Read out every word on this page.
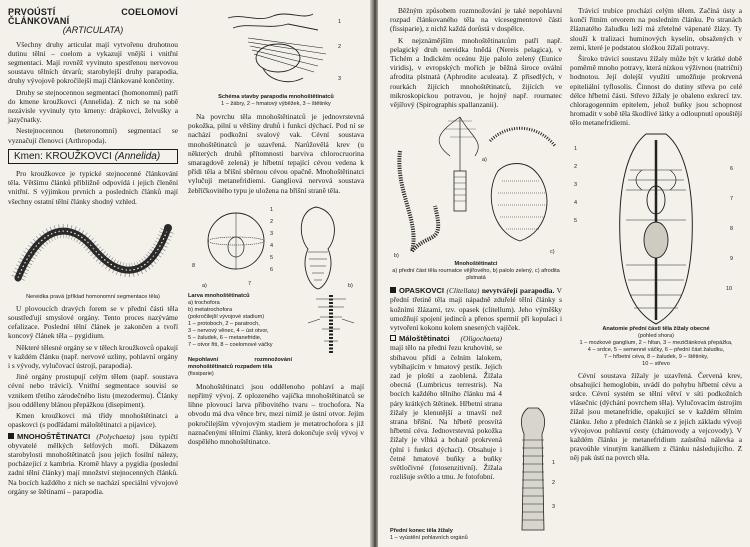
PRVOÚSTÍ COELOMOVÍ ČLÁNKOVANÍ
(ARTICULATA)

Všechny druhy articulat mají vytvořenu druhotnou dutinu tělní – coelom a vykazují vnější i vnitřní segmentaci. Mají rovněž vyvinuto spestřenou nervovou soustavu tělních útvarů; starobylejší druhy parapodia, druhy vývojově pokročilejší mají článkované končetiny.

Druhy se stejnocennou segmentací (homonomní) patří do kmene kroužkovci (Annelida). Z nich se na sobě nezávisle vyvinuly tyto kmeny: drápkovci, želvušky a jazyčnatky.

Nestejnocennou (heteronomní) segmentací se vyznačují členovci (Arthropoda).

Kmen: KROUŽKOVCI (Annelida)

Pro kroužkovce je typické stejnocenné článkování těla. Většímu článků přibližně odpovídá i jejich členění vnitřní. S výjimkou prvních a posledních článků mají všechny ostatní tělní články shodný vzhled.

Nereidka pravá (příklad homonomní segmentace těla)

U plovoucích dravých forem se v přední části těla soustřeďují smyslové orgány. Tento proces nazýváme cefalizace. Poslední tělní článek je zakončen a tvoří koncový článek těla – pygidium.

Některé tělesné orgány se v tělech kroužkovců opakují v každém článku (např. nervové uzliny, pohlavní orgány i s vývody, vylučovací ústrojí, parapodia).

Jiné orgány prostupují celým tělem (např. soustava cévní nebo trávicí). Vnitřní segmentace souvisí se vznikem třetího zárodečného listu (mezodermu). Články jsou odděleny blánou přepážkou (disepiment).

Kmen kroužkovci má třídy mnohoštětinatci a opaskovci (s podřádami máloštětinatci a pijavice).

MNOHOŠTĚTINATCI (Polychaeta) jsou typičtí obyvatelé mělkých šelfových moří. Důkazem starobylosti mnohoštětinatců jsou jejich fosilní nálezy, pocházející z kambria. Kromě hlavy a pygidia (poslední zadní tělní články) mají množství stejnocenných článků. Na bocích každého z nich se nachází speciální vývojové orgány se štětinami – parapodia.

1
2
3
Schéma stavby parapodia mnohoštětinatců
1 – žábry, 2 – hmatový výběžek, 3 – štětinky

Na povrchu těla mnohoštětinatců je jednovrstevná pokožka, pilní u většiny druhů i funkci dýchací. Pod ní se nachází podkožní svalový vak. Cévní soustava mnohoštětinatců je uzavřená. Narůžovělá krev (u některých druhů přítomnosti barviva chlorocruorina smaragdově zelená) je hřbetní tepající cévou vedena k přídi těla a břišní sběrnou cévou opačně. Mnohoštětinatci vylučují metanefridiemi. Gangliová nervová soustava žebříčkovitého typu je uložena na břišní straně těla.

a)	b)
1
2
3
4
5
6
7
8
Larva mnohoštětinatců
a) trochofora
b) metatrochofora
(pokročilejší vývojové stadium)
1 – protoboch, 2 – paratroch,
3 – nervový věnec, 4 – úst otvor,
5 – žaludek, 6 – metanefridie,
7 – otvor řiti, 8 – coelomové váčky
Nepohlavní rozmnožování mnohoštětinatců rozpadem těla
(fissiparie)

Mnohoštětinatci jsou oddělenoho pohlaví a mají nepřímý vývoj. Z oplozeného vajíčka mnohoštětinatců se líhne plovoucí larva příbovitého tvaru – trochofora. Na obvodu má dva věnce brv, mezi nimiž je ústní otvor. Jejím pokročilejším vývojovým stadiem je metatrochofora s již naznačenými tělními články, která dokončuje svůj vývoj v dospělého mnohoštětinatce.

Běžným způsobem rozmnožování je také nepohlavní rozpad článkovaného těla na vícesegmentové části (fissiparie), z nichž každá dorůstá v dospělce.

K nejznámějším mnohoštětinatcům patří např. pelagický druh nereidka hnědá (Nereis pelagica), v Tichém a Indickém oceánu žije palolo zelený (Eunice viridis), v evropských mořích je běžná široce ovální afrodita plstnatá (Aphrodite aculeata). Z přisedlých, v rourkách žijících mnohoštětinatců, žijících ve mikroskopickou potravou, je hojný např. rournatec vějířový (Spirographis spallanzanii).

a)
b)
c)
Mnohoštětinatci
a) přední část těla rournatce vějířového, b) palolo zelený, c) afrodita plstnatá

OPASKOVCI (Clitellata) nevytvářejí parapodia. V přední třetině těla mají nápadně zduřelé tělní články s kožními žlázami, tzv. opasek (clitellum). Jeho výměšky umožňují spojení jedinců a přenos spermií při kopulaci i vytvoření kokonu kolem snesených vajíček.

Máloštětinatci (Oligochaeta) mají tělo na přední řezu kruhovité, se sbíhavou přídí a čelním lalokem, vybíhajícím v hmatový prstík. Jejich zad je ploští a zaoblená. Žížala obecná (Lumbricus terrestris). Na bocích každého tělního článku má 4 páry krátkých štětinek. Hřbetní strana žížaly je klenutější a tmavší než strana břišní. Na hřbetě prosvítá hřbetní céva. Jednovrstevná pokožka žížaly je vlhká a bohatě prokrvená (plní i funkci dýchací). Obsahuje i četné hmatové buňky a buňky světločivné (fotosenzitivní). Žížala rozlišuje světlo a tmu. Je fotofobní.

1
2
3
Přední konec těla žížaly
1 – vyústění pohlavních orgánů

Trávicí trubice prochází celým tělem. Začíná ústy a končí řitním otvorem na posledním článku. Po stranách žláznatého žaludku leží má zřetelné vápenaté žlázy. Ty slouží k tralizaci huminových kyselin, obsažených v zemi, které je podstatou složkou žížalí potravy.

Široko trávicí soustavu žížaly může být v krátké době poměrně mnoho potravy, která nízkou výživnou (natrični) hodnotou. Její dolejší využití umožňuje prokrvená epiteliální tyflosolis. Činnost do dutiny střeva po celé délce hřbetní části. Střevo žížaly je obaleno exkrecí tzv. chloragogenním epitelem, jehož buňky jsou schopnost hromadit v sobě těla škodlivé látky a odloupnutí opouštějí tělo metanefridiemi.

1
2
3
4
5
6
7
8
9
10
Anatomie přední části těla žížaly obecné
(pohled shora)
1 – mozkové ganglium, 2 – hltan, 3 – mezičlánková přepážka,
4 – srdce, 5 – semenné váčky, 6 – přední část žaludku,
7 – hřbetní céva, 8 – žaludek, 9 – štětinky,
10 – střevo

Cévní soustava žížaly je uzavřená. Červená krev, obsahující hemoglobin, uvádí do pohybu hřbetní cévu a srdce. Cévní systém se tělní větví v síti podkožních vlásečnic (dýchání povrchem těla). Vylučovacím ústrojím žížal jsou metanefridie, opakující se v každém tělním článku. Jeho z předních článků se z jejich základu vývoji vývojovou pohlavní cesty (chámovody a vejcovody). V každém článku je metanefridium zaústěná nálevka a pravoúhle vinutým kanálkem z článku následujícího. Z něj pak ústí na povrch těla.
